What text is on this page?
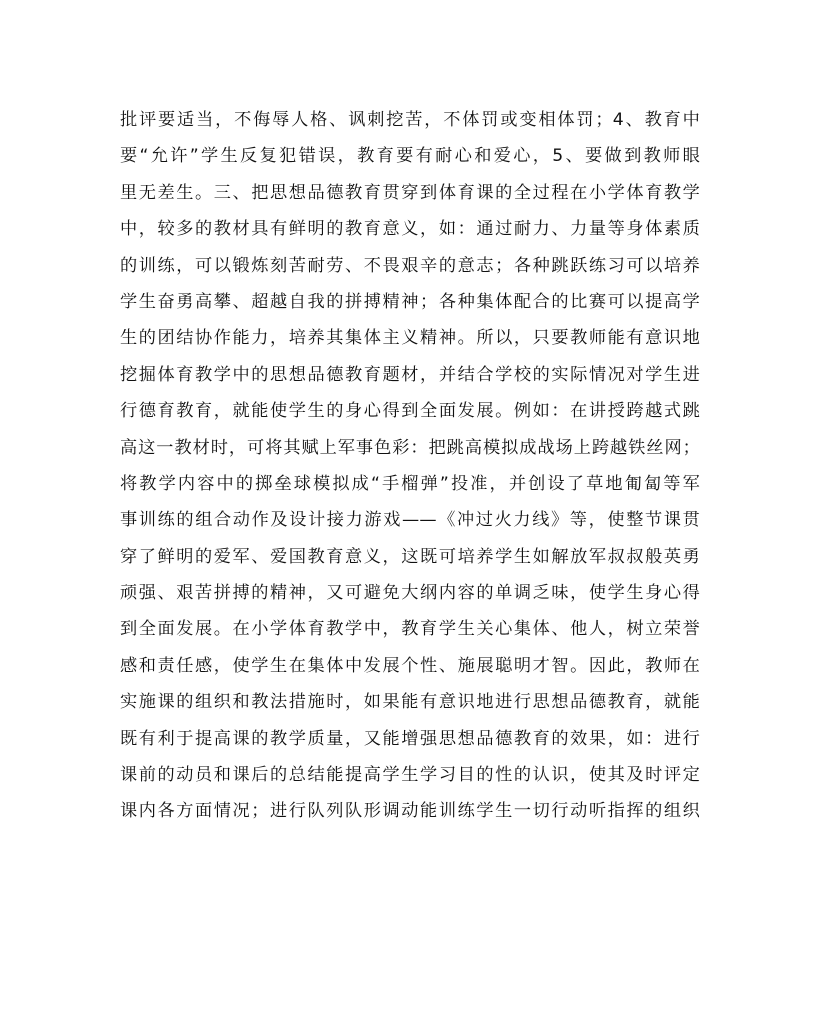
批评要适当，不侮辱人格、讽刺挖苦，不体罚或变相体罚；4、教育中
要“允许”学生反复犯错误，教育要有耐心和爱心，5、要做到教师眼
里无差生。三、把思想品德教育贯穿到体育课的全过程在小学体育教学
中，较多的教材具有鲜明的教育意义，如：通过耐力、力量等身体素质
的训练，可以锻炼刻苦耐劳、不畏艰辛的意志；各种跳跃练习可以培养
学生奋勇高攀、超越自我的拼搏精神；各种集体配合的比赛可以提高学
生的团结协作能力，培养其集体主义精神。所以，只要教师能有意识地
挖掘体育教学中的思想品德教育题材，并结合学校的实际情况对学生进
行德育教育，就能使学生的身心得到全面发展。例如：在讲授跨越式跳
高这一教材时，可将其赋上军事色彩：把跳高模拟成战场上跨越铁丝网；
将教学内容中的掷垒球模拟成“手榴弹”投准，并创设了草地匍匐等军
事训练的组合动作及设计接力游戏——《冲过火力线》等，使整节课贯
穿了鲜明的爱军、爱国教育意义，这既可培养学生如解放军叔叔般英勇
顽强、艰苦拼搏的精神，又可避免大纲内容的单调乏味，使学生身心得
到全面发展。在小学体育教学中，教育学生关心集体、他人，树立荣誉
感和责任感，使学生在集体中发展个性、施展聪明才智。因此，教师在
实施课的组织和教法措施时，如果能有意识地进行思想品德教育，就能
既有利于提高课的教学质量，又能增强思想品德教育的效果，如：进行
课前的动员和课后的总结能提高学生学习目的性的认识，使其及时评定
课内各方面情况；进行队列队形调动能训练学生一切行动听指挥的组织
